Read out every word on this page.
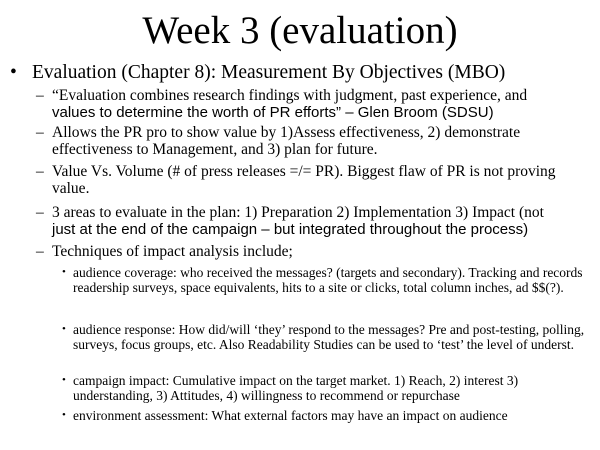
Week 3 (evaluation)
• Evaluation (Chapter 8): Measurement By Objectives (MBO)
– “Evaluation combines research findings with judgment, past experience, and
values to determine the worth of PR efforts” – Glen Broom (SDSU)
– Allows the PR pro to show value by 1)Assess effectiveness, 2) demonstrate effectiveness to Management, and 3) plan for future.
– Value Vs. Volume (# of press releases =/= PR). Biggest flaw of PR is not proving value.
– 3 areas to evaluate in the plan: 1) Preparation 2) Implementation 3) Impact (not
just at the end of the campaign – but integrated throughout the process)
– Techniques of impact analysis include;
• audience coverage: who received the messages? (targets and secondary). Tracking and records readership surveys, space equivalents, hits to a site or clicks, total column inches, ad $$(?).
• audience response: How did/will ‘they’ respond to the messages? Pre and post-testing, polling, surveys, focus groups, etc. Also Readability Studies can be used to ‘test’ the level of underst.
• campaign impact: Cumulative impact on the target market. 1) Reach, 2) interest 3) understanding, 3) Attitudes, 4) willingness to recommend or repurchase
• environment assessment: What external factors may have an impact on audience
